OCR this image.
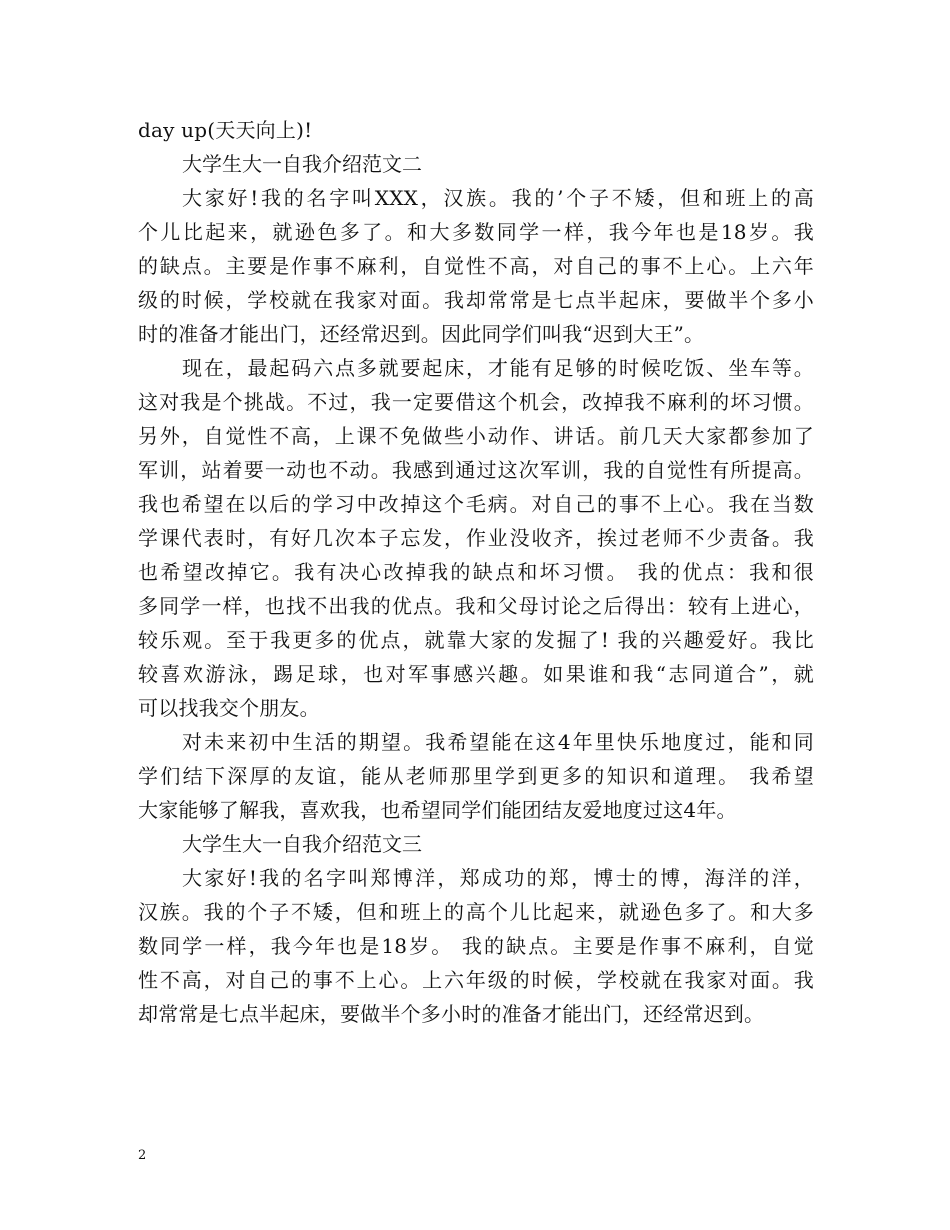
day up(天天向上)!
大学生大一自我介绍范文二
大家好!我的名字叫XXX，汉族。我的’个子不矮，但和班上的高
个儿比起来，就逊色多了。和大多数同学一样，我今年也是18岁。我
的缺点。主要是作事不麻利，自觉性不高，对自己的事不上心。上六年
级的时候，学校就在我家对面。我却常常是七点半起床，要做半个多小
时的准备才能出门，还经常迟到。因此同学们叫我“迟到大王”。
现在，最起码六点多就要起床，才能有足够的时候吃饭、坐车等。
这对我是个挑战。不过，我一定要借这个机会，改掉我不麻利的坏习惯。
另外，自觉性不高，上课不免做些小动作、讲话。前几天大家都参加了
军训，站着要一动也不动。我感到通过这次军训，我的自觉性有所提高。
我也希望在以后的学习中改掉这个毛病。对自己的事不上心。我在当数
学课代表时，有好几次本子忘发，作业没收齐，挨过老师不少责备。我
也希望改掉它。我有决心改掉我的缺点和坏习惯。 我的优点：我和很
多同学一样，也找不出我的优点。我和父母讨论之后得出：较有上进心，
较乐观。至于我更多的优点，就靠大家的发掘了! 我的兴趣爱好。我比
较喜欢游泳，踢足球，也对军事感兴趣。如果谁和我“志同道合”，就
可以找我交个朋友。
对未来初中生活的期望。我希望能在这4年里快乐地度过，能和同
学们结下深厚的友谊，能从老师那里学到更多的知识和道理。 我希望
大家能够了解我，喜欢我，也希望同学们能团结友爱地度过这4年。
大学生大一自我介绍范文三
大家好!我的名字叫郑博洋，郑成功的郑，博士的博，海洋的洋，
汉族。我的个子不矮，但和班上的高个儿比起来，就逊色多了。和大多
数同学一样，我今年也是18岁。 我的缺点。主要是作事不麻利，自觉
性不高，对自己的事不上心。上六年级的时候，学校就在我家对面。我
却常常是七点半起床，要做半个多小时的准备才能出门，还经常迟到。
2
